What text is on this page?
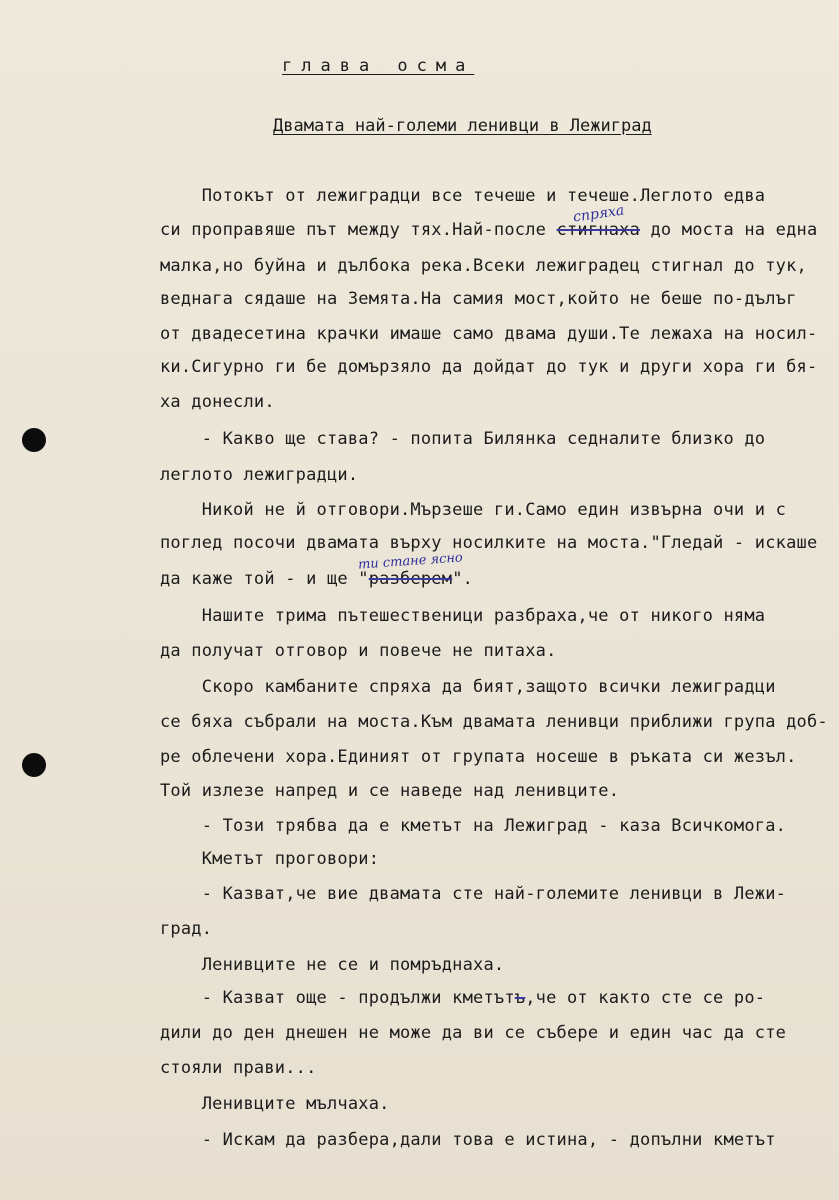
глава осма
Двамата най-големи ленивци в Лежиград
Потокът от лежиградци все течеше и течеше.Леглото едва
си проправяше път между тях.Най-после стигнаха до моста на една
малка,но буйна и дълбока река.Всеки лежиградец стигнал до тук,
веднага сядаше на Земята.На самия мост,който не беше по-дълъг
от двадесетина крачки имаше само двама души.Те лежаха на носил-
ки.Сигурно ги бе домързяло да дойдат до тук и други хора ги бя-
ха донесли.
- Какво ще става? - попита Билянка седналите близко до
леглото лежиградци.
Никой не й отговори.Мързеше ги.Само един извърна очи и с
поглед посочи двамата върху носилките на моста."Гледай - искаше
да каже той - и ще "разберем".
Нашите трима пътешественици разбраха,че от никого няма
да получат отговор и повече не питаха.
Скоро камбаните спряха да бият,защото всички лежиградци
се бяха събрали на моста.Към двамата ленивци приближи група доб-
ре облечени хора.Единият от групата носеше в ръката си жезъл.
Той излезе напред и се наведе над ленивците.
- Този трябва да е кметът на Лежиград - каза Всичкомога.
Кметът проговори:
- Казват,че вие двамата сте най-големите ленивци в Лежи-
град.
Ленивците не се и помръднаха.
- Казват още - продължи кметътъ,че от както сте се ро-
дили до ден днешен не може да ви се събере и един час да сте
стояли прави...
Ленивците мълчаха.
- Искам да разбера,дали това е истина, - допълни кметът
спряха
ти стане ясно
